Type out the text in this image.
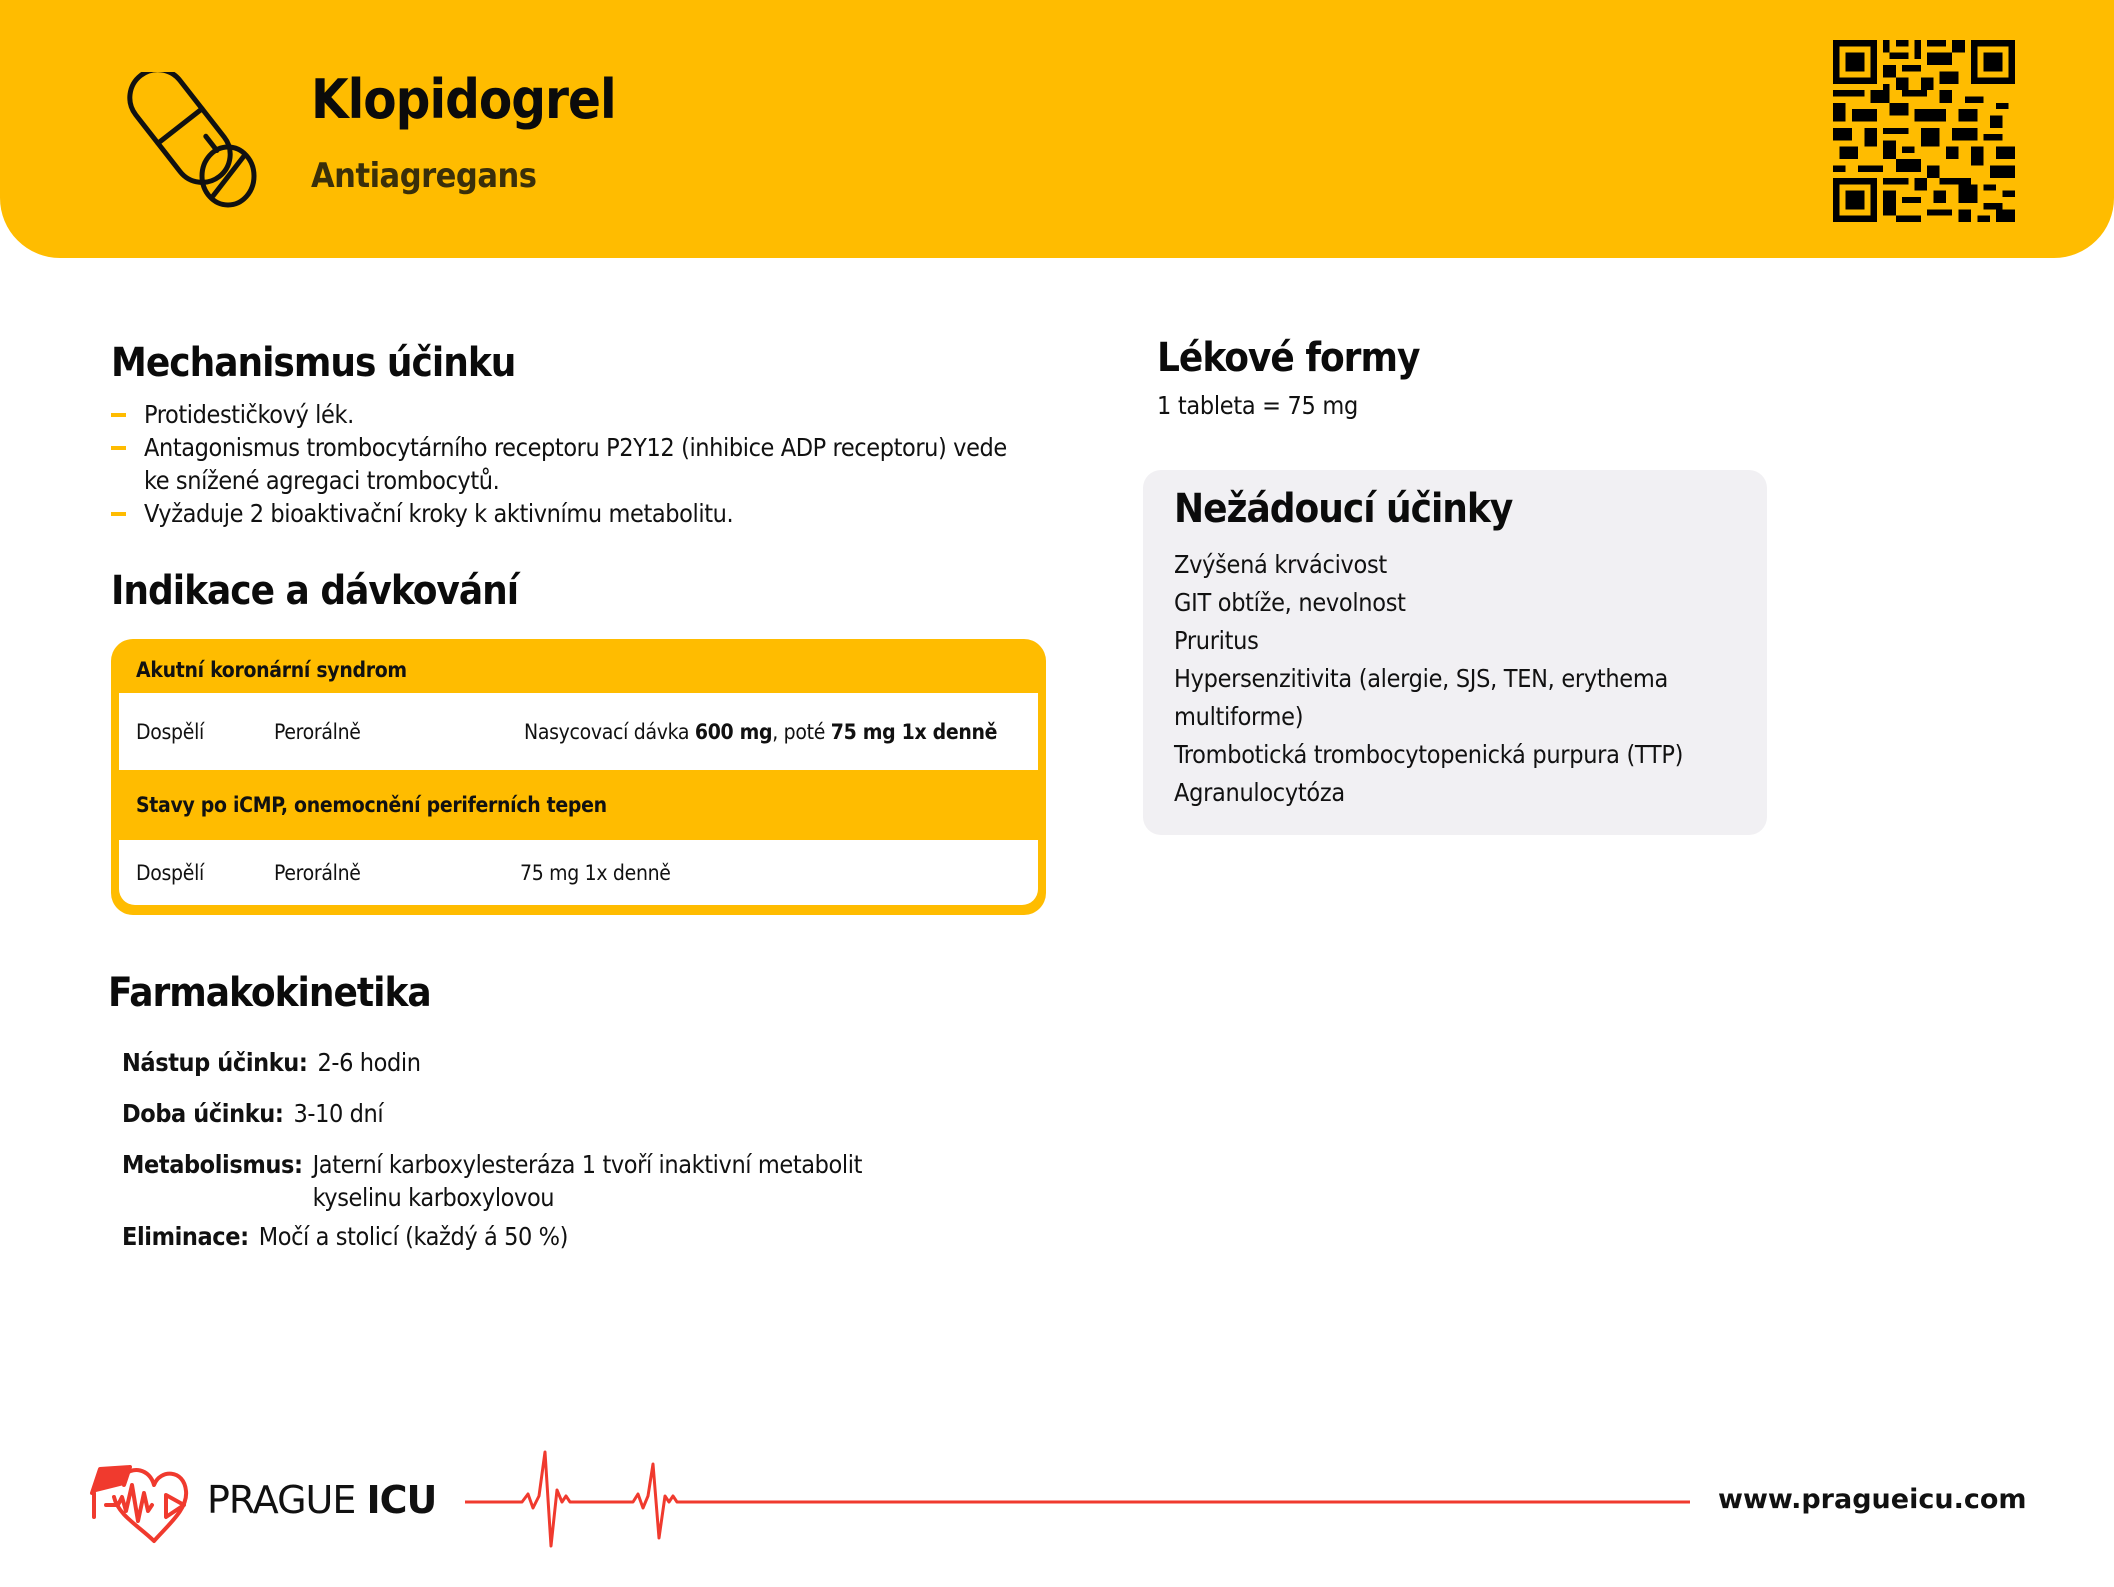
Klopidogrel
Antiagregans
Mechanismus účinku
Protidestičkový lék.
Antagonismus trombocytárního receptoru P2Y12 (inhibice ADP receptoru) vede ke snížené agregaci trombocytů.
Vyžaduje 2 bioaktivační kroky k aktivnímu metabolitu.
Indikace a dávkování
Akutní koronární syndrom
Dospělí	Perorálně	Nasycovací dávka 600 mg, poté 75 mg 1x denně
Stavy po iCMP, onemocnění periferních tepen
Dospělí	Perorálně	75 mg 1x denně
Farmakokinetika
Nástup účinku: 2-6 hodin
Doba účinku: 3-10 dní
Metabolismus: Jaterní karboxylesteráza 1 tvoří inaktivní metabolit kyselinu karboxylovou
Eliminace: Močí a stolicí (každý á 50 %)
Lékové formy
1 tableta = 75 mg
Nežádoucí účinky
Zvýšená krvácivost
GIT obtíže, nevolnost
Pruritus
Hypersenzitivita (alergie, SJS, TEN, erythema multiforme)
Trombotická trombocytopenická purpura (TTP)
Agranulocytóza
PRAGUE ICU	www.pragueicu.com
